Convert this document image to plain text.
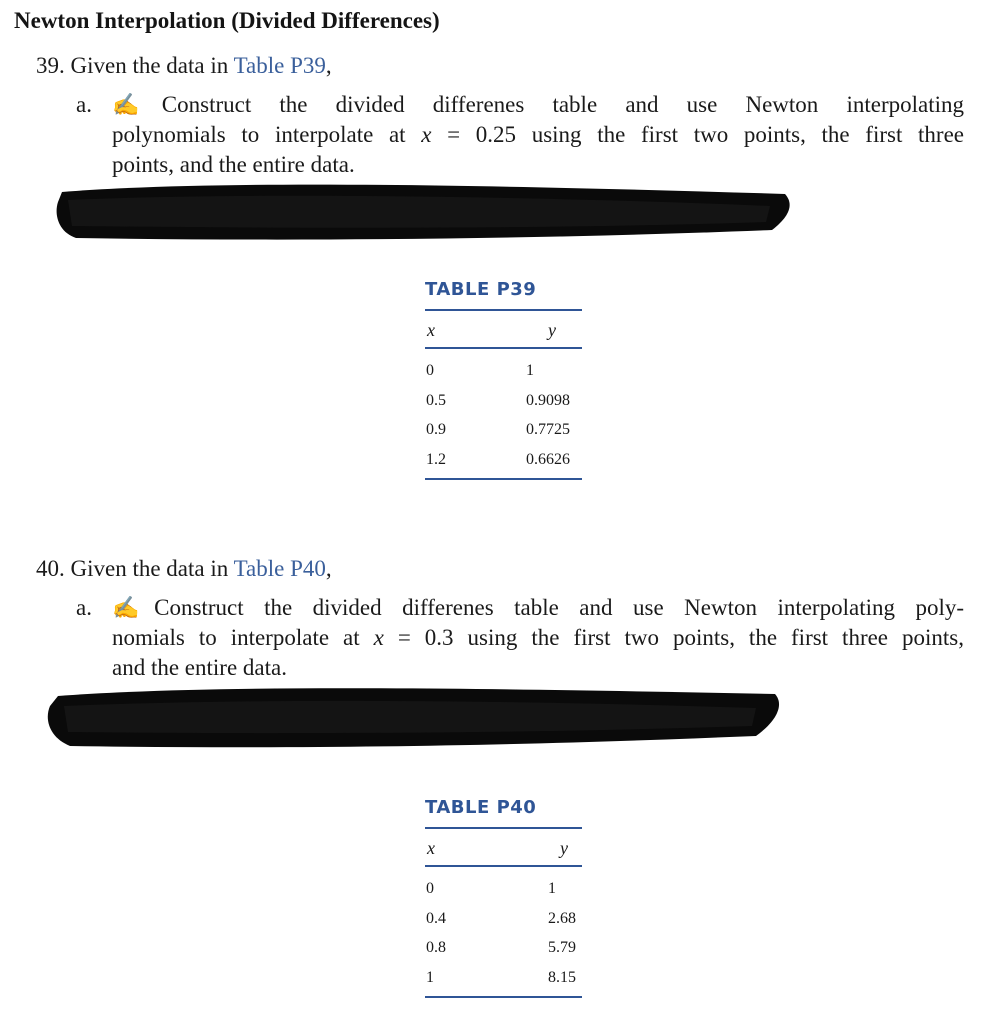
Newton Interpolation (Divided Differences)
39. Given the data in Table P39,
a. ✍Construct the divided differenes table and use Newton interpolating
polynomials to interpolate at x = 0.25 using the first two points, the first three
points, and the entire data.
TABLE P39
x	y
0	1
0.5	0.9098
0.9	0.7725
1.2	0.6626
40. Given the data in Table P40,
a. ✍Construct the divided differenes table and use Newton interpolating poly-
nomials to interpolate at x = 0.3 using the first two points, the first three points,
and the entire data.
TABLE P40
x	y
0	1
0.4	2.68
0.8	5.79
1	8.15
